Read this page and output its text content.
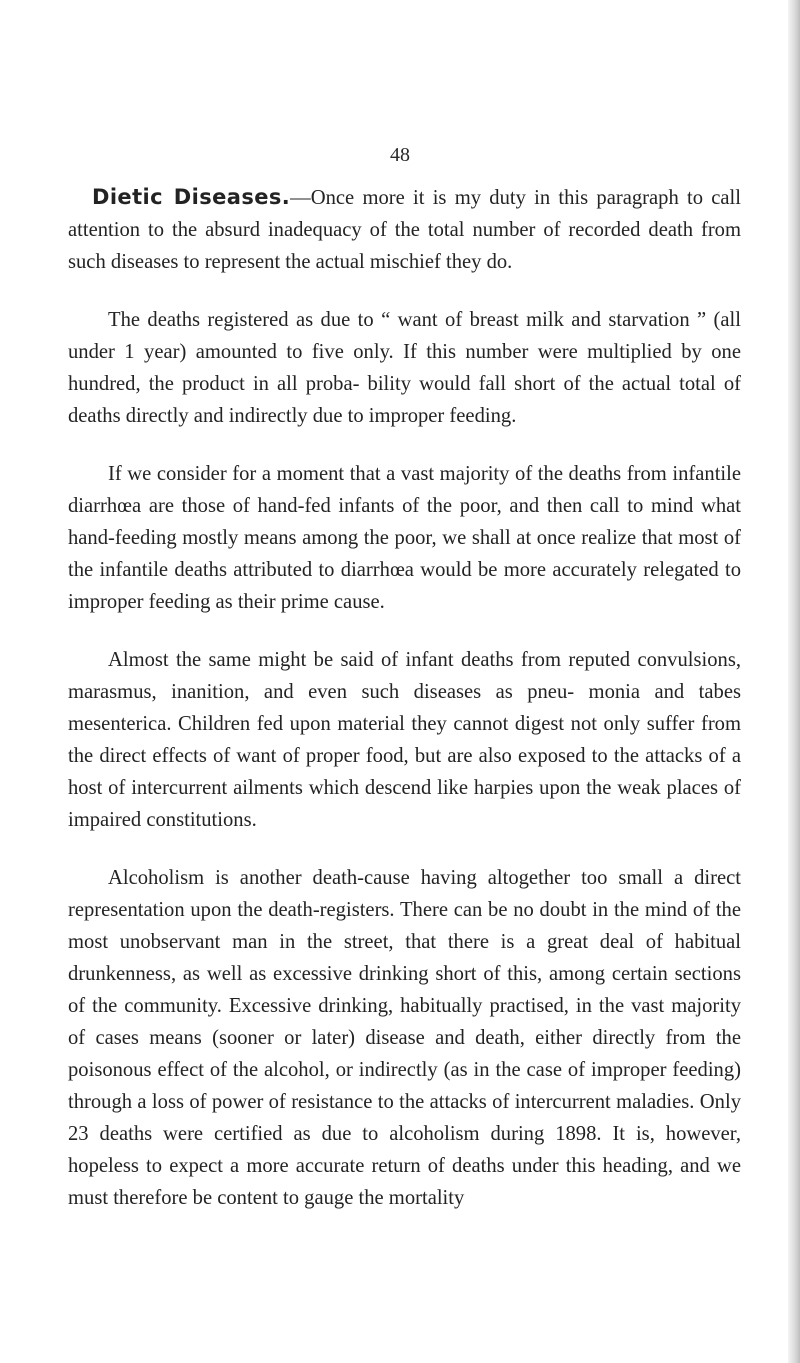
48

Dietic Diseases.—Once more it is my duty in this paragraph to call attention to the absurd inadequacy of the total number of recorded death from such diseases to represent the actual mischief they do.

The deaths registered as due to “ want of breast milk and starvation ” (all under 1 year) amounted to five only. If this number were multiplied by one hundred, the product in all proba- bility would fall short of the actual total of deaths directly and indirectly due to improper feeding.

If we consider for a moment that a vast majority of the deaths from infantile diarrhœa are those of hand-fed infants of the poor, and then call to mind what hand-feeding mostly means among the poor, we shall at once realize that most of the infantile deaths attributed to diarrhœa would be more accurately relegated to improper feeding as their prime cause.

Almost the same might be said of infant deaths from reputed convulsions, marasmus, inanition, and even such diseases as pneu- monia and tabes mesenterica. Children fed upon material they cannot digest not only suffer from the direct effects of want of proper food, but are also exposed to the attacks of a host of intercurrent ailments which descend like harpies upon the weak places of impaired constitutions.

Alcoholism is another death-cause having altogether too small a direct representation upon the death-registers. There can be no doubt in the mind of the most unobservant man in the street, that there is a great deal of habitual drunkenness, as well as excessive drinking short of this, among certain sections of the community. Excessive drinking, habitually practised, in the vast majority of cases means (sooner or later) disease and death, either directly from the poisonous effect of the alcohol, or indirectly (as in the case of improper feeding) through a loss of power of resistance to the attacks of intercurrent maladies. Only 23 deaths were certified as due to alcoholism during 1898. It is, however, hopeless to expect a more accurate return of deaths under this heading, and we must therefore be content to gauge the mortality
